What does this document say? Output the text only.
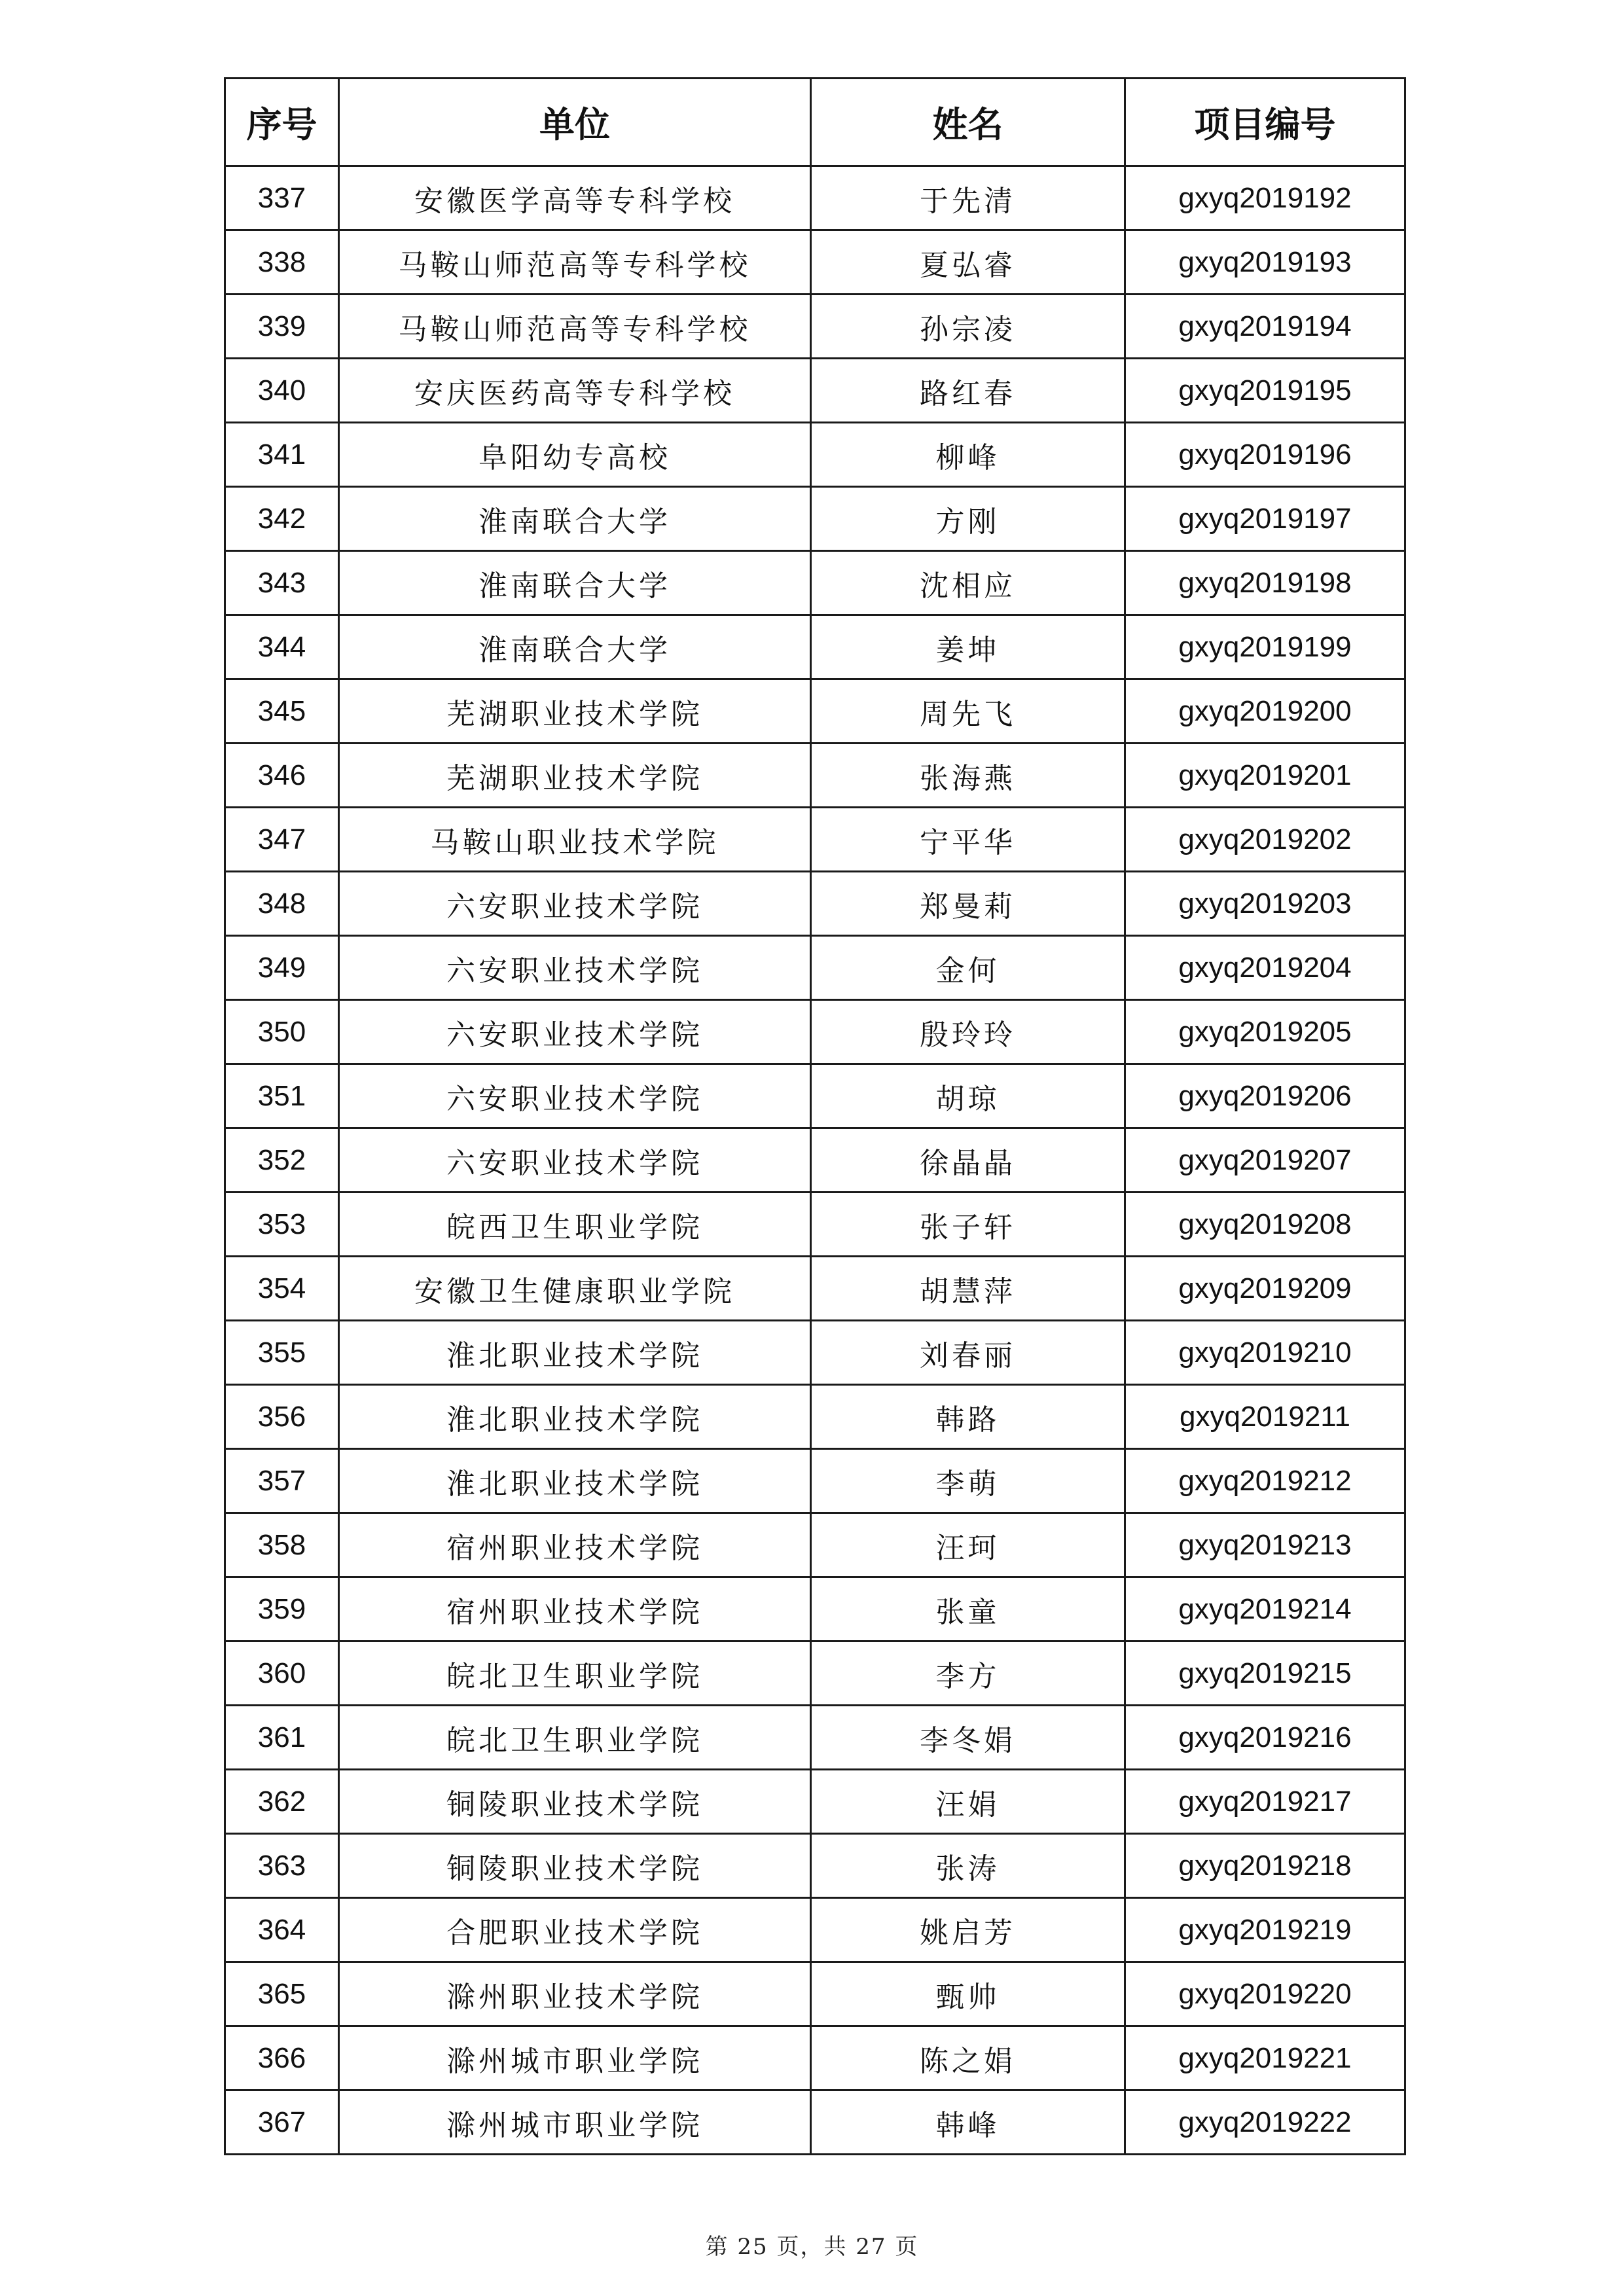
序号	单位	姓名	项目编号
337	安徽医学高等专科学校	于先清	gxyq2019192
338	马鞍山师范高等专科学校	夏弘睿	gxyq2019193
339	马鞍山师范高等专科学校	孙宗凌	gxyq2019194
340	安庆医药高等专科学校	路红春	gxyq2019195
341	阜阳幼专高校	柳峰	gxyq2019196
342	淮南联合大学	方刚	gxyq2019197
343	淮南联合大学	沈相应	gxyq2019198
344	淮南联合大学	姜坤	gxyq2019199
345	芜湖职业技术学院	周先飞	gxyq2019200
346	芜湖职业技术学院	张海燕	gxyq2019201
347	马鞍山职业技术学院	宁平华	gxyq2019202
348	六安职业技术学院	郑曼莉	gxyq2019203
349	六安职业技术学院	金何	gxyq2019204
350	六安职业技术学院	殷玲玲	gxyq2019205
351	六安职业技术学院	胡琼	gxyq2019206
352	六安职业技术学院	徐晶晶	gxyq2019207
353	皖西卫生职业学院	张子轩	gxyq2019208
354	安徽卫生健康职业学院	胡慧萍	gxyq2019209
355	淮北职业技术学院	刘春丽	gxyq2019210
356	淮北职业技术学院	韩路	gxyq2019211
357	淮北职业技术学院	李萌	gxyq2019212
358	宿州职业技术学院	汪珂	gxyq2019213
359	宿州职业技术学院	张童	gxyq2019214
360	皖北卫生职业学院	李方	gxyq2019215
361	皖北卫生职业学院	李冬娟	gxyq2019216
362	铜陵职业技术学院	汪娟	gxyq2019217
363	铜陵职业技术学院	张涛	gxyq2019218
364	合肥职业技术学院	姚启芳	gxyq2019219
365	滁州职业技术学院	甄帅	gxyq2019220
366	滁州城市职业学院	陈之娟	gxyq2019221
367	滁州城市职业学院	韩峰	gxyq2019222
第 25 页，共 27 页
